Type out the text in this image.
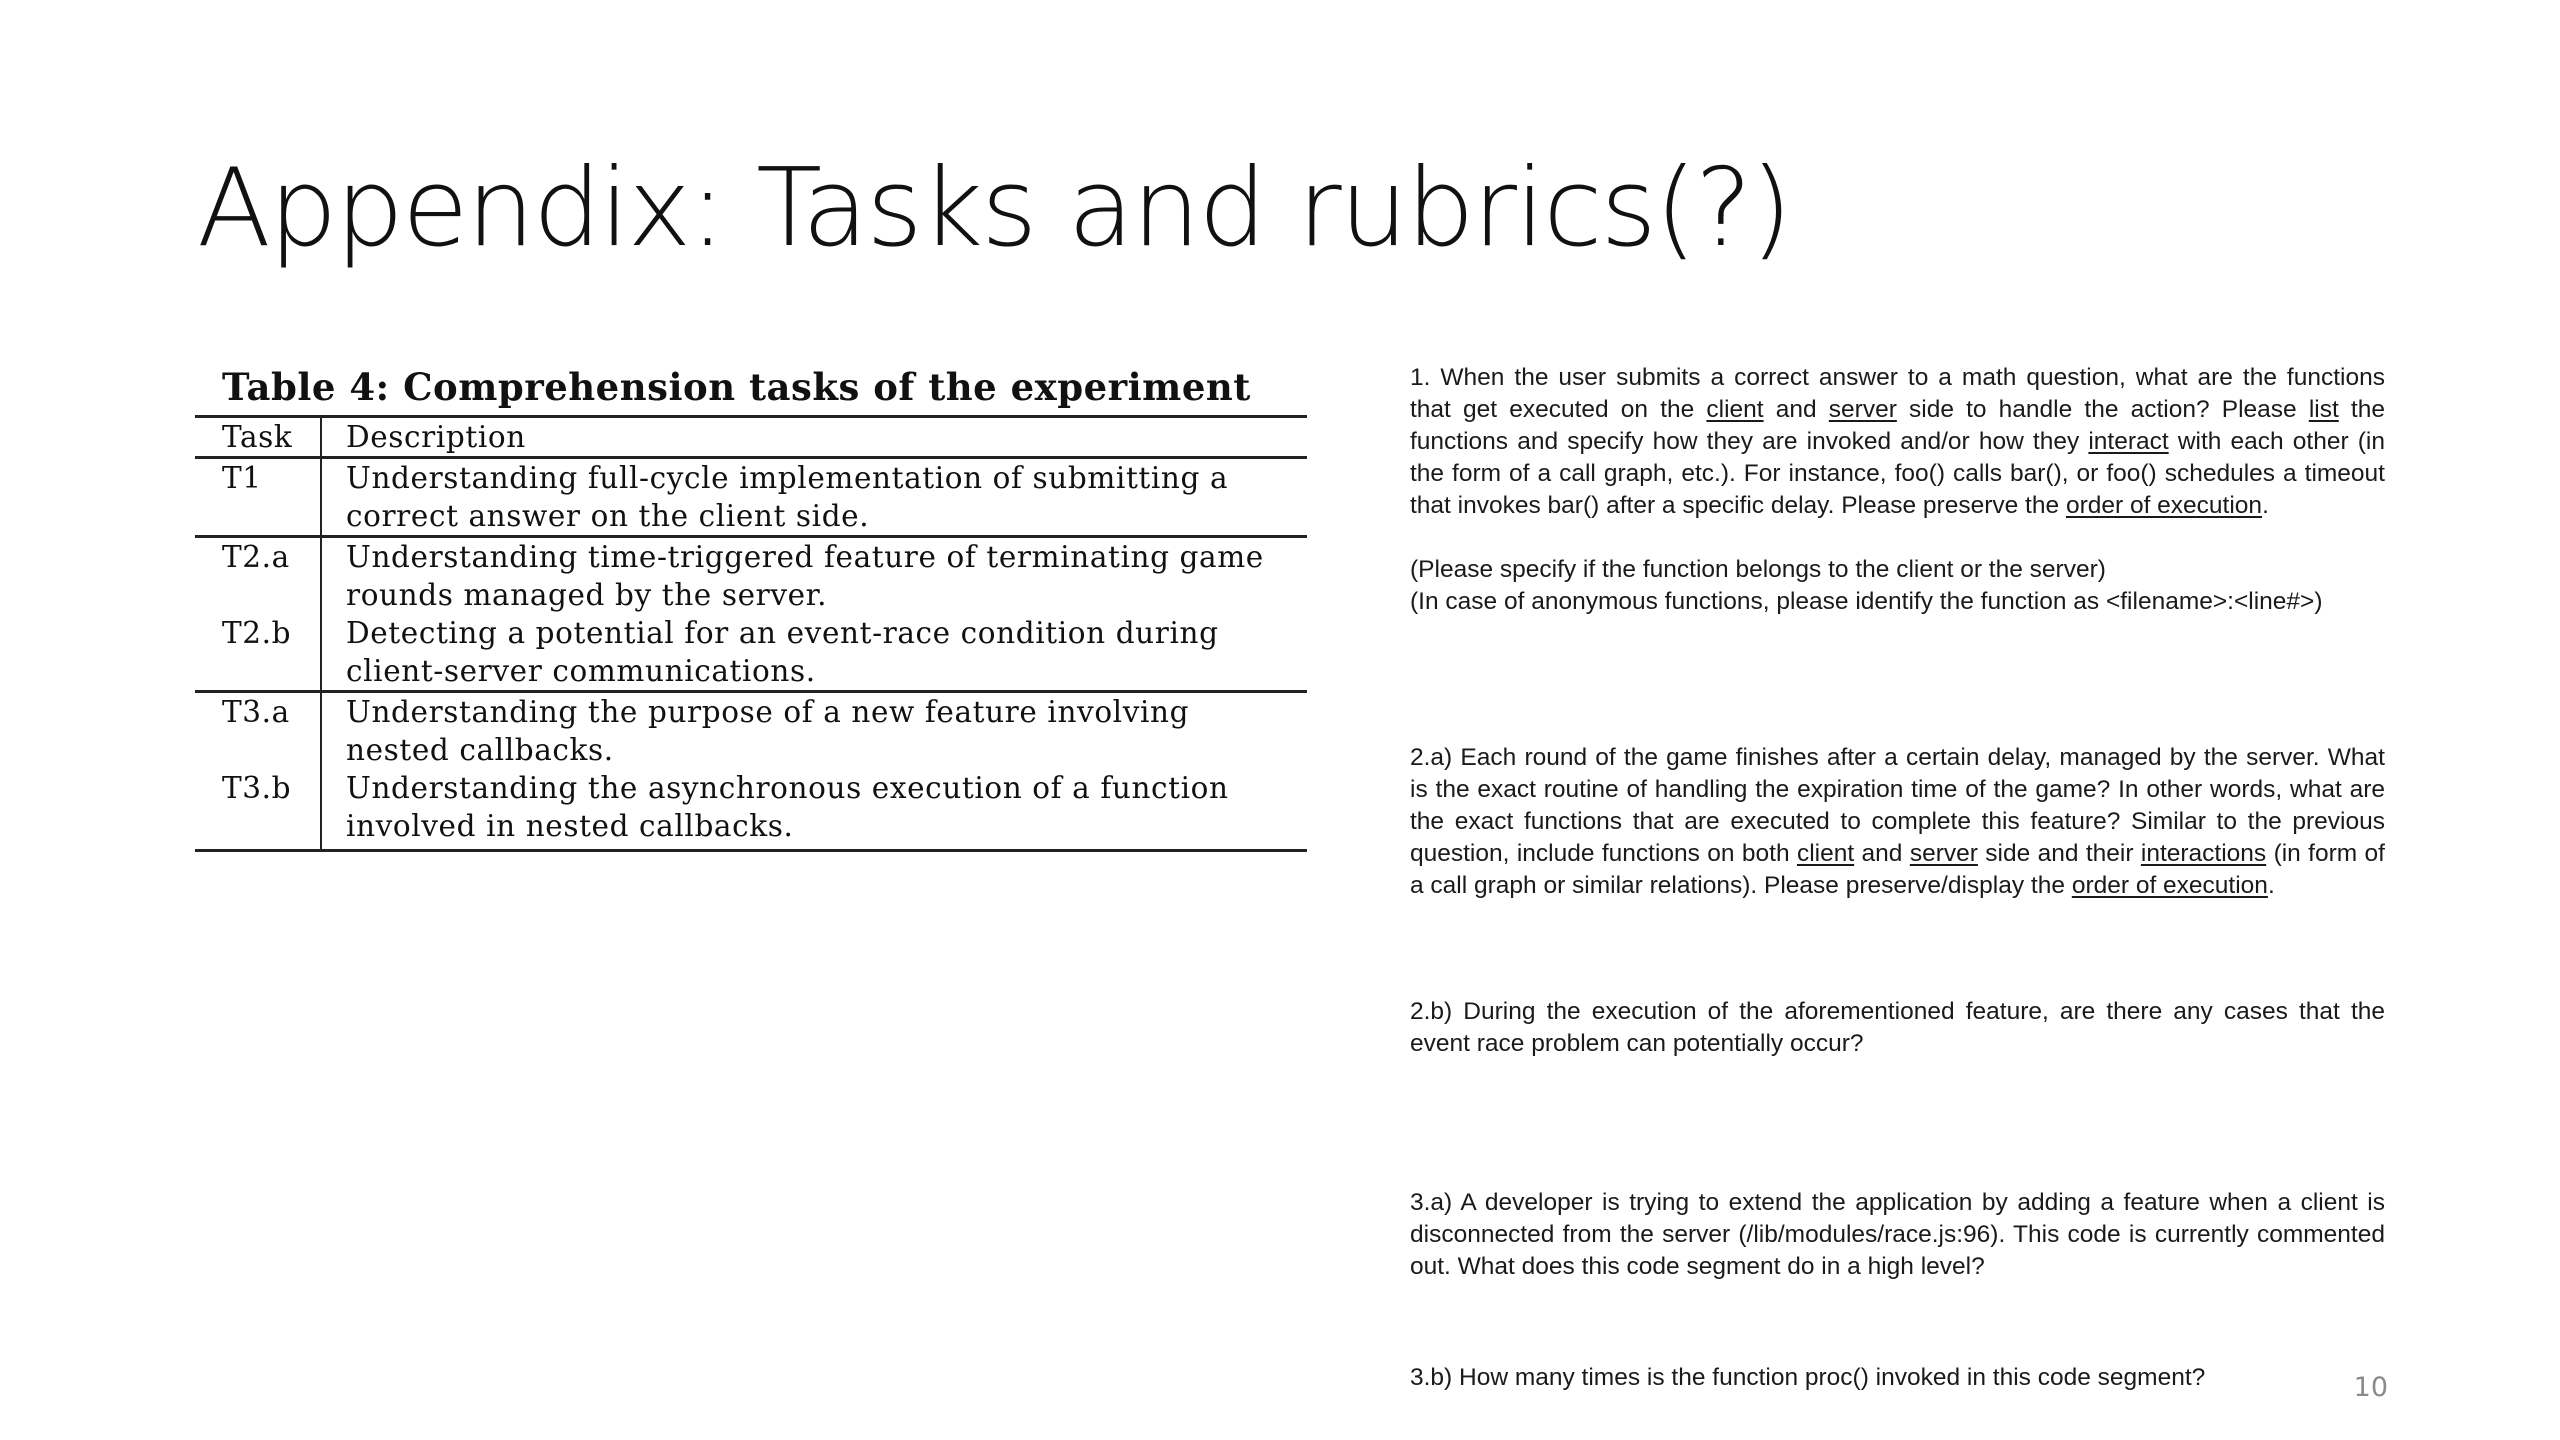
Appendix: Tasks and rubrics(?)
Table 4: Comprehension tasks of the experiment
Task	Description
T1	Understanding full-cycle implementation of submitting a correct answer on the client side.
T2.a	Understanding time-triggered feature of terminating game rounds managed by the server.
T2.b	Detecting a potential for an event-race condition during client-server communications.
T3.a	Understanding the purpose of a new feature involving nested callbacks.
T3.b	Understanding the asynchronous execution of a function involved in nested callbacks.

1. When the user submits a correct answer to a math question, what are the functions that get executed on the client and server side to handle the action? Please list the functions and specify how they are invoked and/or how they interact with each other (in the form of a call graph, etc.). For instance, foo() calls bar(), or foo() schedules a timeout that invokes bar() after a specific delay. Please preserve the order of execution.

(Please specify if the function belongs to the client or the server)

(In case of anonymous functions, please identify the function as <filename>:<line#>)

2.a) Each round of the game finishes after a certain delay, managed by the server. What is the exact routine of handling the expiration time of the game? In other words, what are the exact functions that are executed to complete this feature? Similar to the previous question, include functions on both client and server side and their interactions (in form of a call graph or similar relations). Please preserve/display the order of execution.

2.b) During the execution of the aforementioned feature, are there any cases that the event race problem can potentially occur?

3.a) A developer is trying to extend the application by adding a feature when a client is disconnected from the server (/lib/modules/race.js:96). This code is currently commented out. What does this code segment do in a high level?

3.b) How many times is the function proc() invoked in this code segment?	10
